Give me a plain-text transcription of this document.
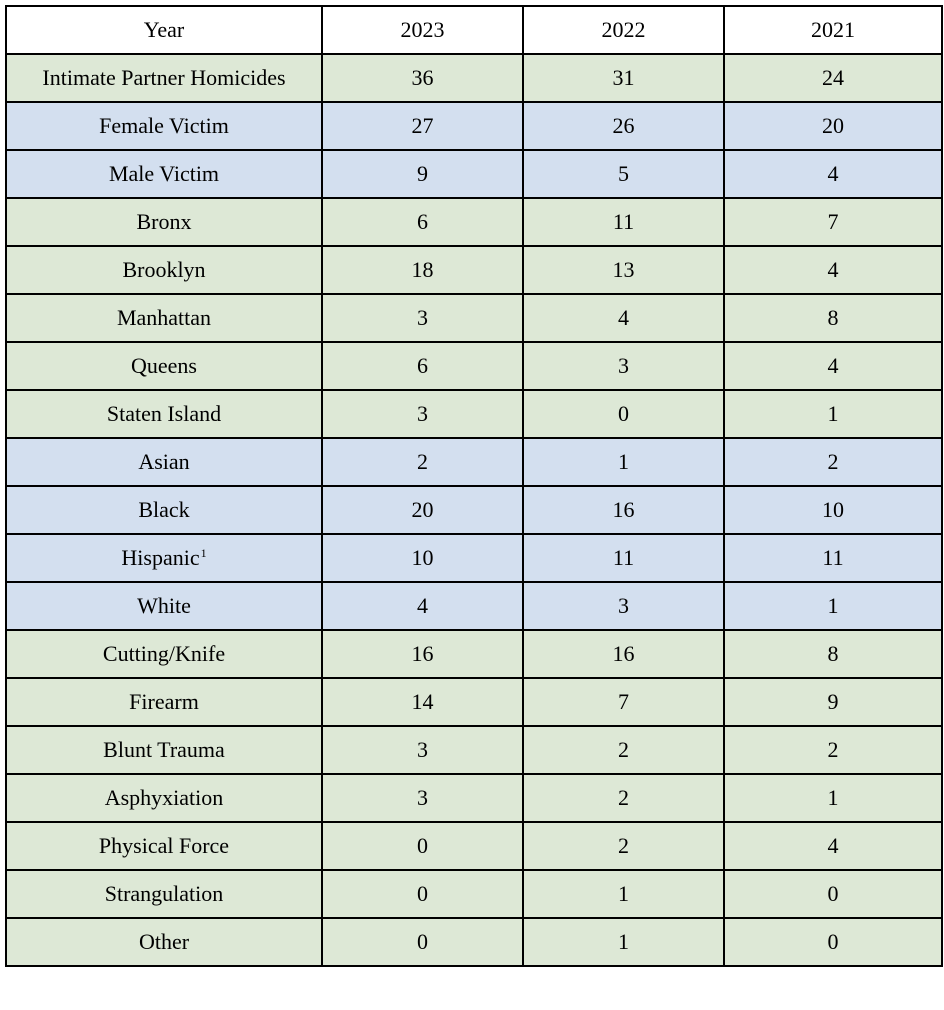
Year	2023	2022	2021
Intimate Partner Homicides	36	31	24
Female Victim	27	26	20
Male Victim	9	5	4
Bronx	6	11	7
Brooklyn	18	13	4
Manhattan	3	4	8
Queens	6	3	4
Staten Island	3	0	1
Asian	2	1	2
Black	20	16	10
Hispanic$^1$	10	11	11
White	4	3	1
Cutting/Knife	16	16	8
Firearm	14	7	9
Blunt Trauma	3	2	2
Asphyxiation	3	2	1
Physical Force	0	2	4
Strangulation	0	1	0
Other	0	1	0
